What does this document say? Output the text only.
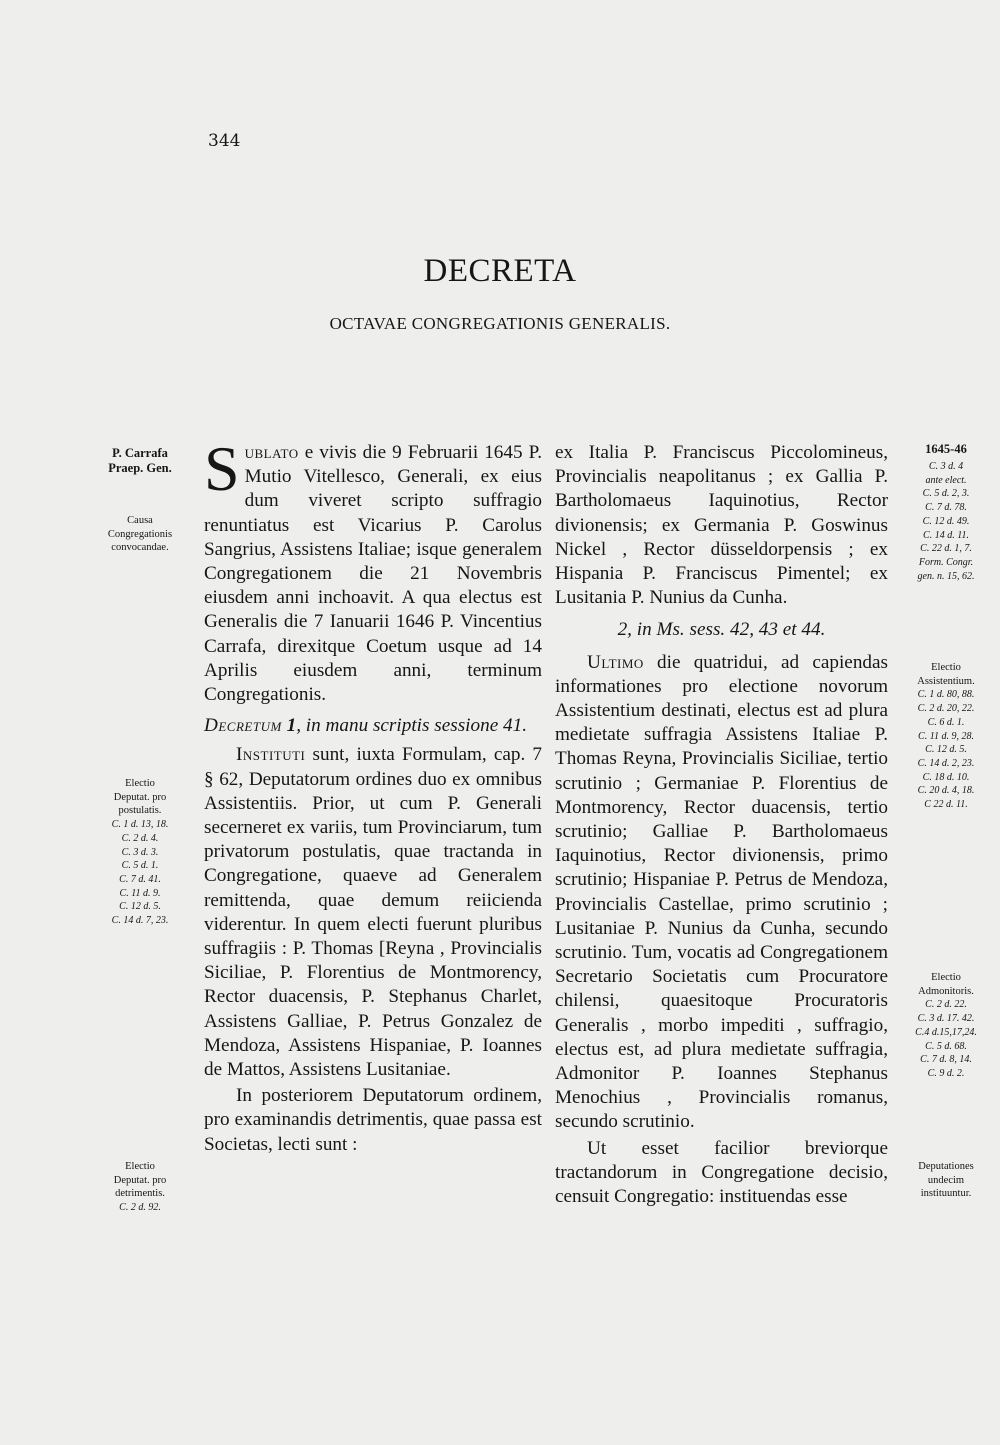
344
DECRETA
OCTAVAE CONGREGATIONIS GENERALIS.
P. Carrafa
Praep. Gen.
Causa
Congregationis
convocandae.
Electio
Deputat. pro
postulatis.
C. 1 d. 13, 18.
C. 2 d. 4.
C. 3 d. 3.
C. 5 d. 1.
C. 7 d. 41.
C. 11 d. 9.
C. 12 d. 5.
C. 14 d. 7, 23.
Electio
Deputat. pro
detrimentis.
C. 2 d. 92.
1645-46
C. 3 d. 4
ante elect.
C. 5 d. 2, 3.
C. 7 d. 78.
C. 12 d. 49.
C. 14 d. 11.
C. 22 d. 1, 7.
Form. Congr.
gen. n. 15, 62.
Electio
Assistentium.
C. 1 d. 80, 88.
C. 2 d. 20, 22.
C. 6 d. 1.
C. 11 d. 9, 28.
C. 12 d. 5.
C. 14 d. 2, 23.
C. 18 d. 10.
C. 20 d. 4, 18.
C 22 d. 11.
Electio
Admonitoris.
C. 2 d. 22.
C. 3 d. 17. 42.
C.4 d.15,17,24.
C. 5 d. 68.
C. 7 d. 8, 14.
C. 9 d. 2.
Deputationes
undecim
instituuntur.

Sublato e vivis die 9 Februarii 1645 P. Mutio Vitellesco, Generali, ex eius dum viveret scripto suffragio renuntiatus est Vicarius P. Carolus Sangrius, Assistens Italiae; isque generalem Congregationem die 21 Novembris eiusdem anni inchoavit. A qua electus est Generalis die 7 Ianuarii 1646 P. Vincentius Carrafa, direxitque Coetum usque ad 14 Aprilis eiusdem anni, terminum Congregationis.

Decretum 1, in manu scriptis sessione 41.

Instituti sunt, iuxta Formulam, cap. 7 § 62, Deputatorum ordines duo ex omnibus Assistentiis. Prior, ut cum P. Generali secerneret ex variis, tum Provinciarum, tum privatorum postulatis, quae tractanda in Congregatione, quaeve ad Generalem remittenda, quae demum reiicienda viderentur. In quem electi fuerunt pluribus suffragiis : P. Thomas [Reyna , Provincialis Siciliae, P. Florentius de Montmorency, Rector duacensis, P. Stephanus Charlet, Assistens Galliae, P. Petrus Gonzalez de Mendoza, Assistens Hispaniae, P. Ioannes de Mattos, Assistens Lusitaniae.

In posteriorem Deputatorum ordinem, pro examinandis detrimentis, quae passa est Societas, lecti sunt :

ex Italia P. Franciscus Piccolomineus, Provincialis neapolitanus ; ex Gallia P. Bartholomaeus Iaquinotius, Rector divionensis; ex Germania P. Goswinus Nickel , Rector düsseldorpensis ; ex Hispania P. Franciscus Pimentel; ex Lusitania P. Nunius da Cunha.

2, in Ms. sess. 42, 43 et 44.

Ultimo die quatridui, ad capiendas informationes pro electione novorum Assistentium destinati, electus est ad plura medietate suffragia Assistens Italiae P. Thomas Reyna, Provincialis Siciliae, tertio scrutinio ; Germaniae P. Florentius de Montmorency, Rector duacensis, tertio scrutinio; Galliae P. Bartholomaeus Iaquinotius, Rector divionensis, primo scrutinio; Hispaniae P. Petrus de Mendoza, Provincialis Castellae, primo scrutinio ; Lusitaniae P. Nunius da Cunha, secundo scrutinio. Tum, vocatis ad Congregationem Secretario Societatis cum Procuratore chilensi, quaesitoque Procuratoris Generalis , morbo impediti , suffragio, electus est, ad plura medietate suffragia, Admonitor P. Ioannes Stephanus Menochius , Provincialis romanus, secundo scrutinio.

Ut esset facilior breviorque tractandorum in Congregatione decisio, censuit Congregatio: instituendas esse
